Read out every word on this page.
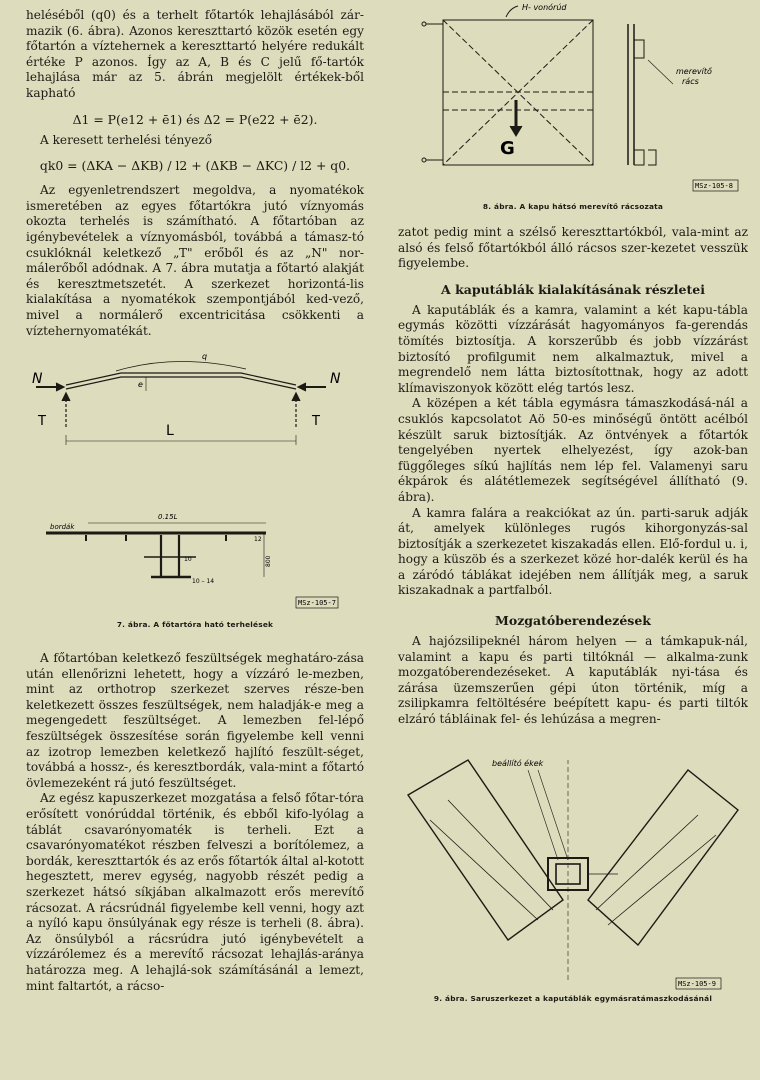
heléséből (q0) és a terhelt főtartók lehajlásából zár-mazik (6. ábra). Azonos kereszttartó közök esetén egy főtartón a víztehernek a kereszttartó helyére redukált értéke P azonos. Így az A, B és C jelű fő-tartók lehajlása már az 5. ábrán megjelölt értékek-ből kapható

Δ1 = P(e12 + ē1) és Δ2 = P(e22 + ē2).

A keresett terhelési tényező

qk0 = (ΔKA − ΔKB) / l2 + (ΔKB − ΔKC) / l2 + q0.

Az egyenletrendszert megoldva, a nyomatékok ismeretében az egyes főtartókra jutó víznyomás okozta terhelés is számítható. A főtartóban az igénybevételek a víznyomásból, továbbá a támasz-tó csuklóknál keletkező „T" erőből és az „N" nor-málerőből adódnak. A 7. ábra mutatja a főtartó alakját és keresztmetszetét. A szerkezet horizontá-lis kialakítása a nyomatékok szempontjából ked-vező, mivel a normálerő excentricitása csökkenti a víztehernyomatékát.

N	N
T	T
L
q
e
0.15L
bordák
12
10
10 – 14
800
MSz-105-7
7. ábra. A főtartóra ható terhelések

A főtartóban keletkező feszültségek meghatáro-zása után ellenőrizni lehetett, hogy a vízzáró le-mezben, mint az orthotrop szerkezet szerves része-ben keletkezett összes feszültségek, nem haladják-e meg a megengedett feszültséget. A lemezben fel-lépő feszültségek összesítése során figyelembe kell venni az izotrop lemezben keletkező hajlító feszült-séget, továbbá a hossz-, és keresztbordák, vala-mint a főtartó övlemezeként rá jutó feszültséget.

Az egész kapuszerkezet mozgatása a felső főtar-tóra erősített vonórúddal történik, és ebből kifo-lyólag a táblát csavarónyomaték is terheli. Ezt a csavarónyomatékot részben felveszi a borítólemez, a bordák, kereszttartók és az erős főtartók által al-kotott hegesztett, merev egység, nagyobb részét pedig a szerkezet hátsó síkjában alkalmazott erős merevítő rácsozat. A rácsrúdnál figyelembe kell venni, hogy azt a nyíló kapu önsúlyának egy része is terheli (8. ábra). Az önsúlyból a rácsrúdra jutó igénybevételt a vízzárólemez és a merevítő rácsozat lehajlás-aránya határozza meg. A lehajlá-sok számításánál a lemezt, mint faltartót, a rácso-

H- vonórúd
merevítő
rács
G
MSz-105-8
8. ábra. A kapu hátsó merevítő rácsozata

zatot pedig mint a szélső kereszttartókból, vala-mint az alsó és felső főtartókból álló rácsos szer-kezetet vesszük figyelembe.

A kaputáblák kialakításának részletei

A kaputáblák és a kamra, valamint a két kapu-tábla egymás közötti vízzárását hagyományos fa-gerendás tömítés biztosítja. A korszerűbb és jobb vízzárást biztosító profilgumit nem alkalmaztuk, mivel a megrendelő nem látta biztosítottnak, hogy az adott klímaviszonyok között elég tartós lesz.

A középen a két tábla egymásra támaszkodásá-nál a csuklós kapcsolatot Aö 50-es minőségű öntött acélból készült saruk biztosítják. Az öntvények a főtartók tengelyében nyertek elhelyezést, így azok-ban függőleges síkú hajlítás nem lép fel. Valamenyi saru ékpárok és alátétlemezek segítségével állítható (9. ábra).

A kamra falára a reakciókat az ún. parti-saruk adják át, amelyek különleges rugós kihorgonyzás-sal biztosítják a szerkezetet kiszakadás ellen. Elő-fordul u. i, hogy a küszöb és a szerkezet közé hor-dalék kerül és ha a záródó táblákat idejében nem állítják meg, a saruk kiszakadnak a partfalból.

Mozgatóberendezések

A hajózsilipeknél három helyen — a támkapuk-nál, valamint a kapu és parti tiltóknál — alkalma-zunk mozgatóberendezéseket. A kaputáblák nyi-tása és zárása üzemszerűen gépi úton történik, míg a zsilipkamra feltöltésére beépített kapu- és parti tiltók elzáró tábláinak fel- és lehúzása a megren-

beállító ékek
MSz-105-9
9. ábra. Saruszerkezet a kaputáblák egymásratámaszkodásánál
